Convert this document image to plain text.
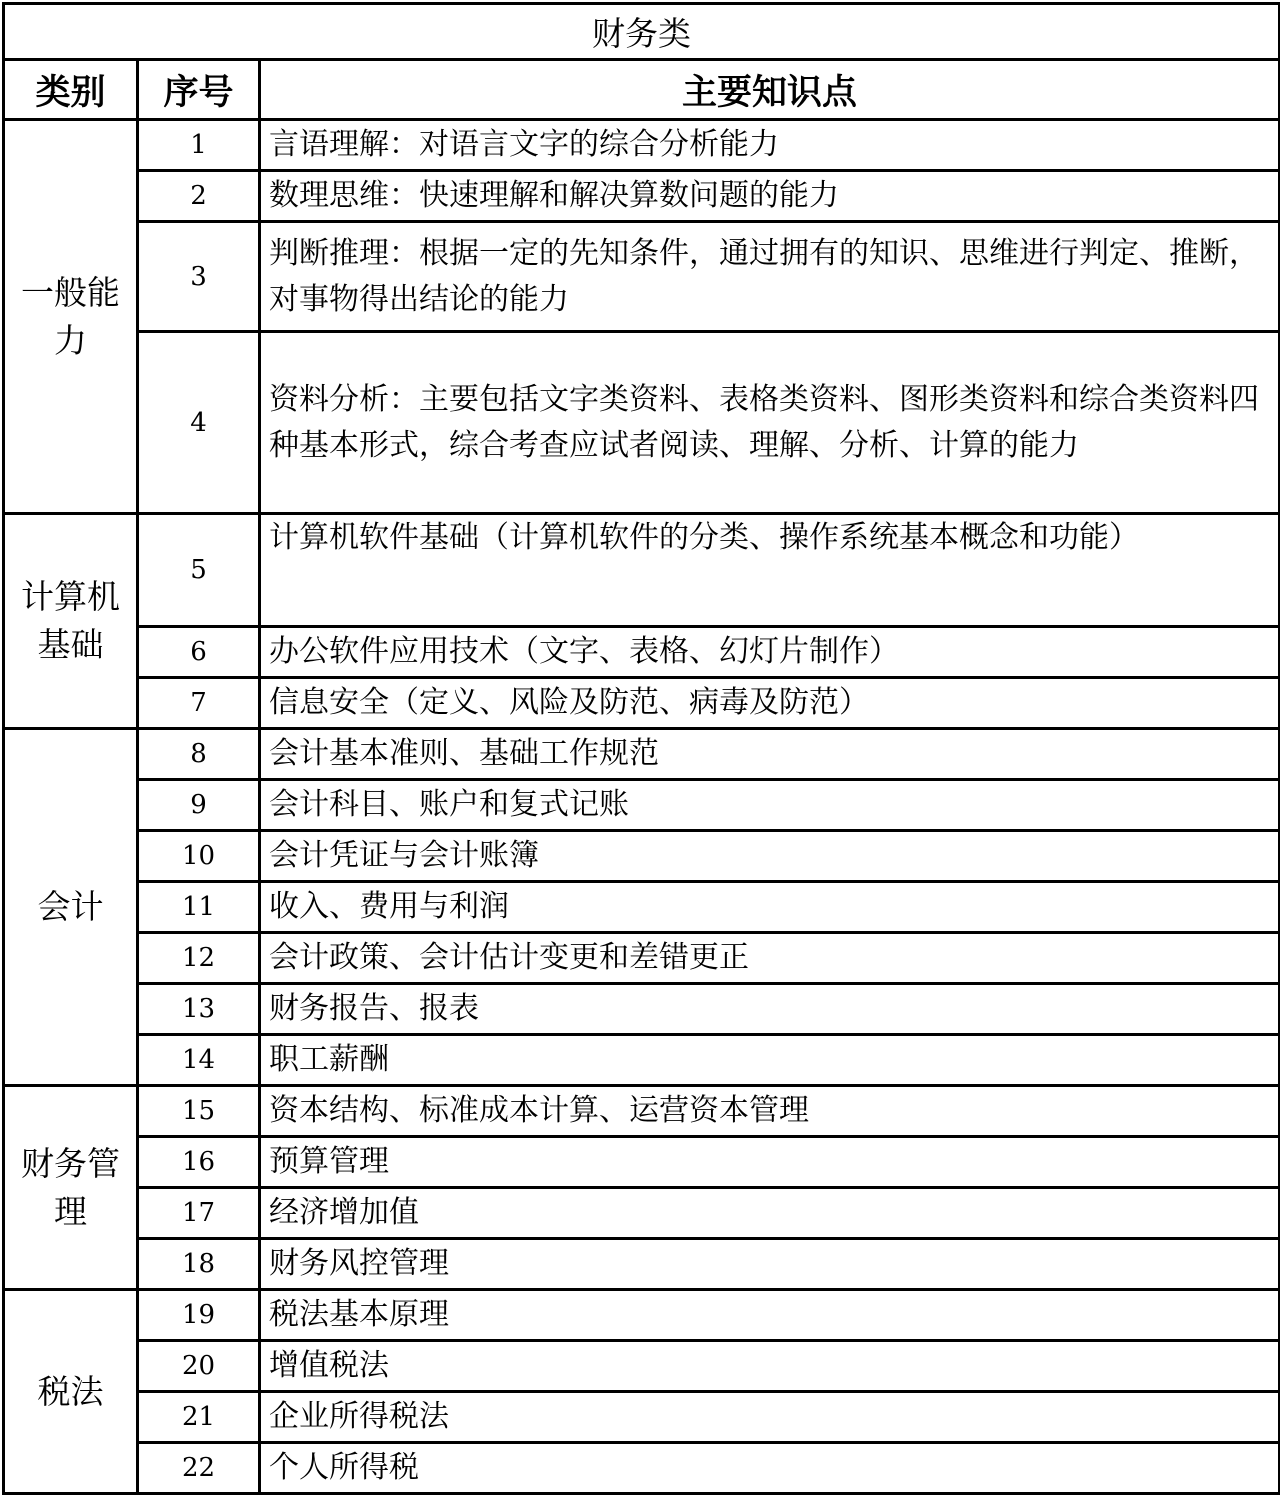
财务类		
类别	序号	主要知识点
一般能力	1	言语理解：对语言文字的综合分析能力
	2	数理思维：快速理解和解决算数问题的能力
	3	判断推理：根据一定的先知条件，通过拥有的知识、思维进行判定、推断，对事物得出结论的能力
	4	资料分析：主要包括文字类资料、表格类资料、图形类资料和综合类资料四种基本形式，综合考查应试者阅读、理解、分析、计算的能力
计算机基础	5	计算机软件基础（计算机软件的分类、操作系统基本概念和功能）
	6	办公软件应用技术（文字、表格、幻灯片制作）
	7	信息安全（定义、风险及防范、病毒及防范）
会计	8	会计基本准则、基础工作规范
	9	会计科目、账户和复式记账
	10	会计凭证与会计账簿
	11	收入、费用与利润
	12	会计政策、会计估计变更和差错更正
	13	财务报告、报表
	14	职工薪酬
财务管理	15	资本结构、标准成本计算、运营资本管理
	16	预算管理
	17	经济增加值
	18	财务风控管理
税法	19	税法基本原理
	20	增值税法
	21	企业所得税法
	22	个人所得税
